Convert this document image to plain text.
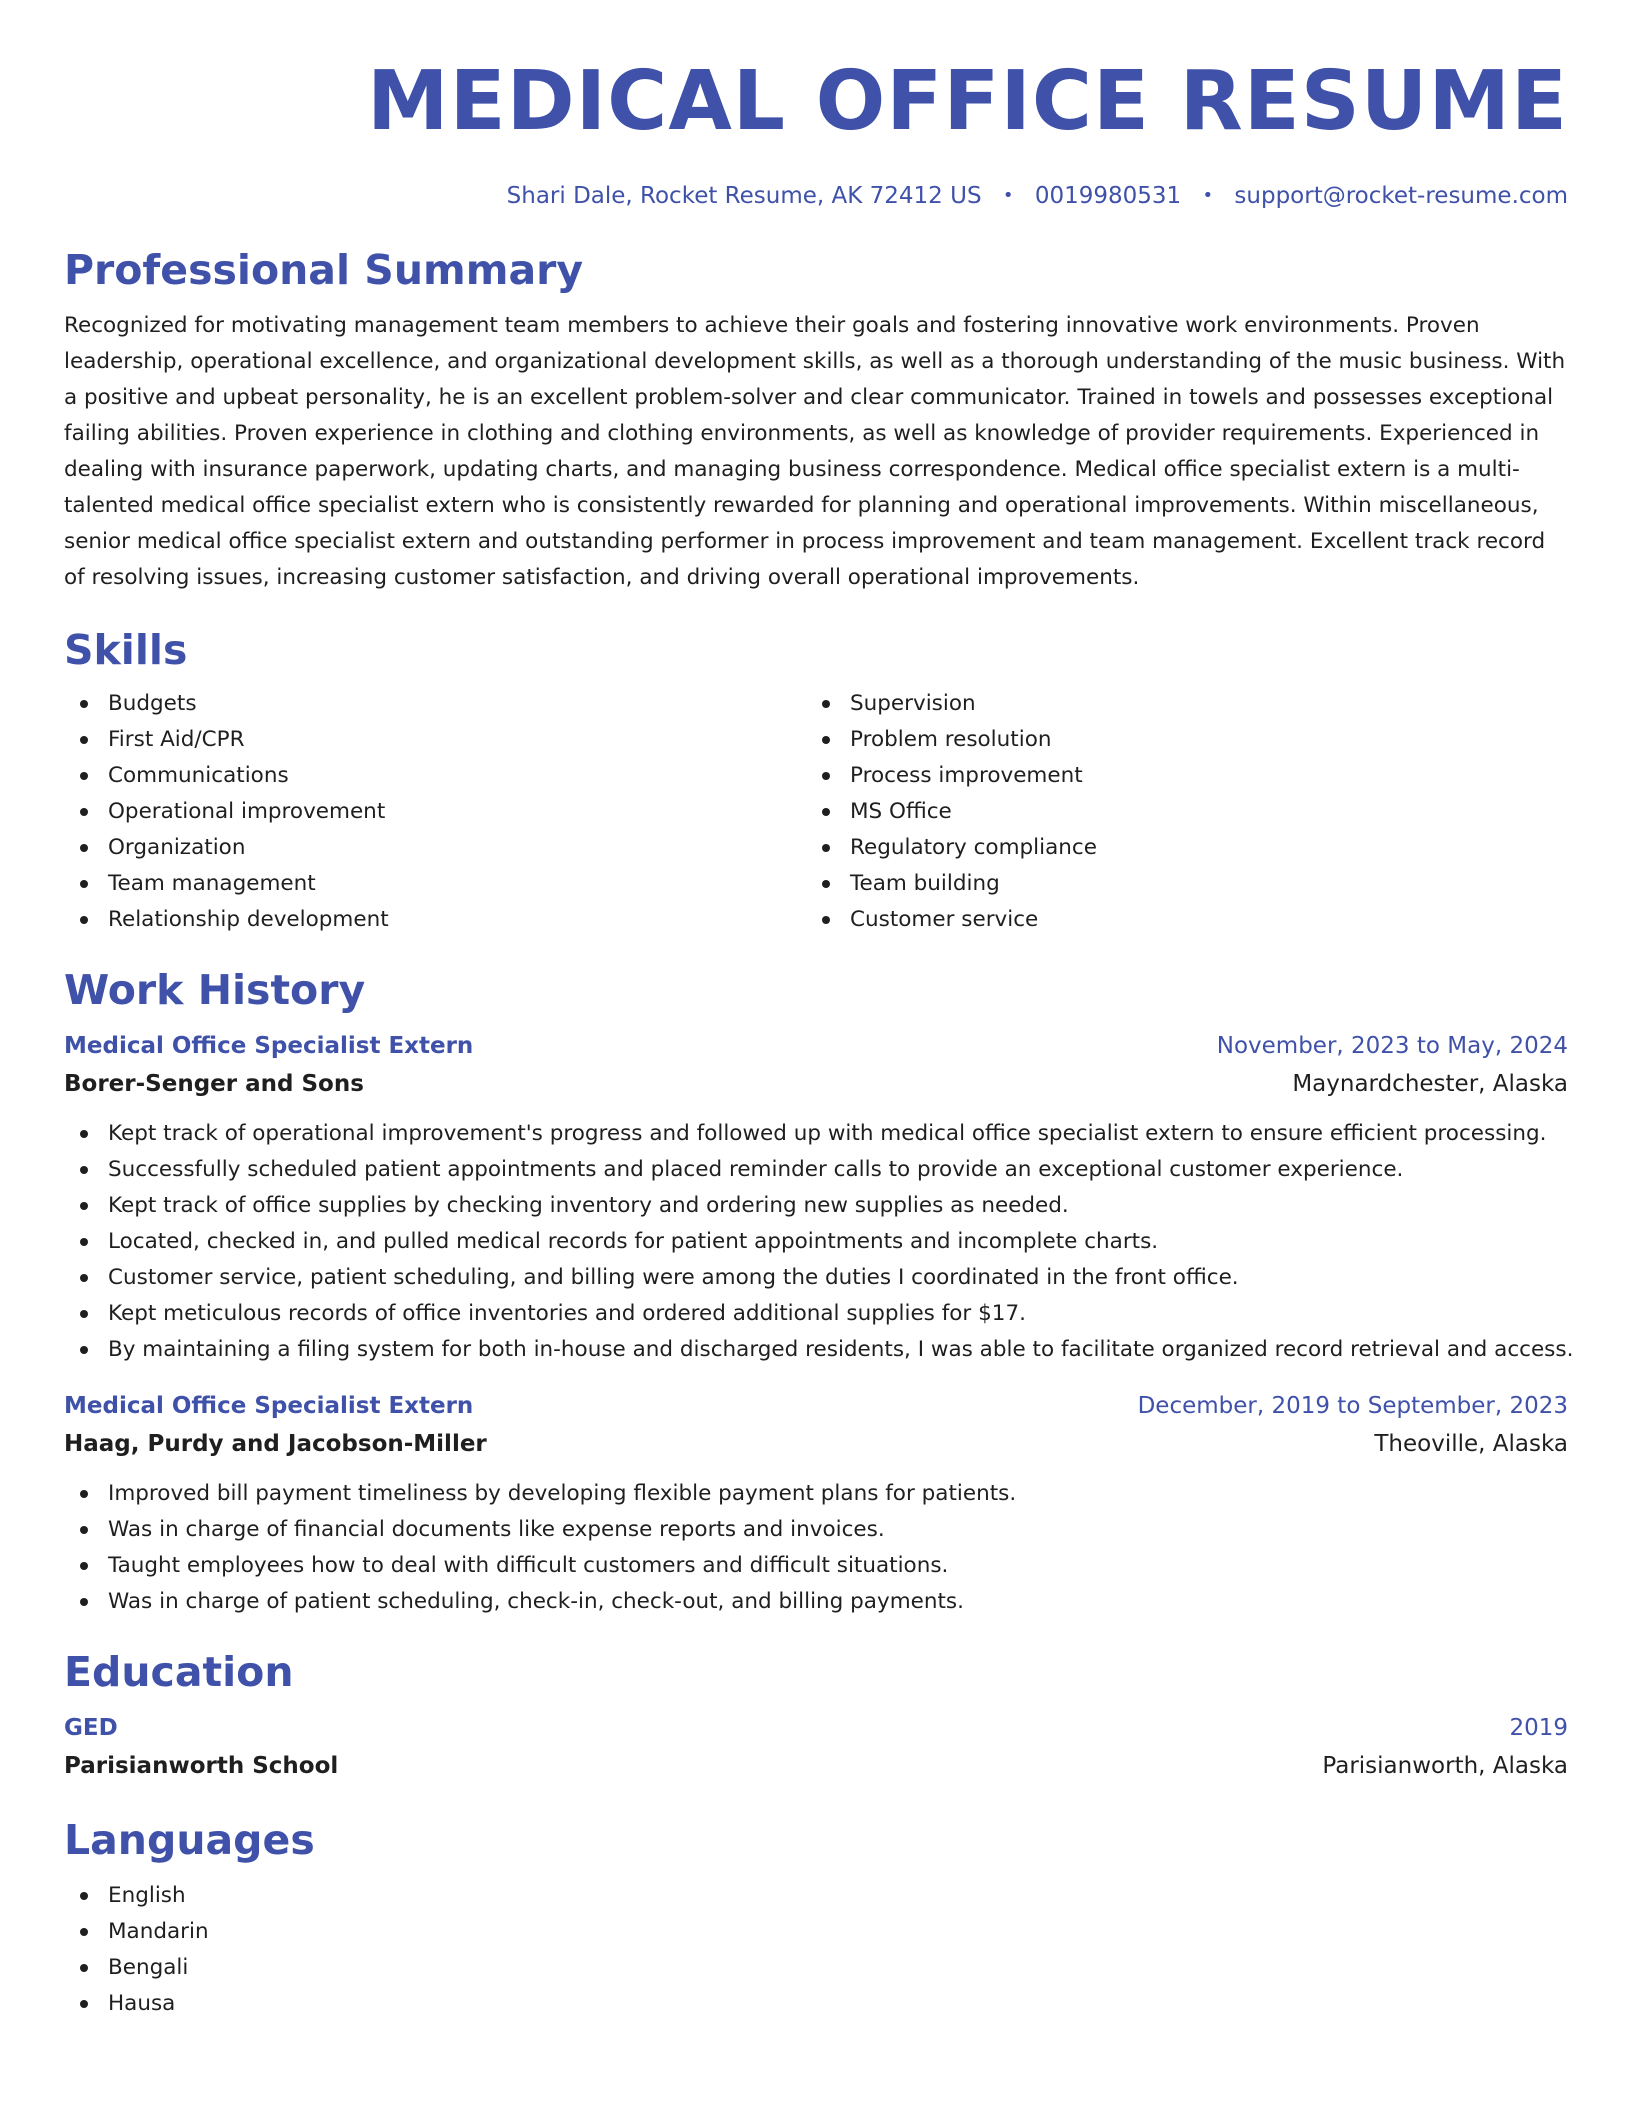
MEDICAL OFFICE RESUME
Shari Dale, Rocket Resume, AK 72412 US • 0019980531 • support@rocket-resume.com
Professional Summary
Recognized for motivating management team members to achieve their goals and fostering innovative work environments. Proven leadership, operational excellence, and organizational development skills, as well as a thorough understanding of the music business. With a positive and upbeat personality, he is an excellent problem-solver and clear communicator. Trained in towels and possesses exceptional failing abilities. Proven experience in clothing and clothing environments, as well as knowledge of provider requirements. Experienced in dealing with insurance paperwork, updating charts, and managing business correspondence. Medical office specialist extern is a multi-talented medical office specialist extern who is consistently rewarded for planning and operational improvements. Within miscellaneous, senior medical office specialist extern and outstanding performer in process improvement and team management. Excellent track record of resolving issues, increasing customer satisfaction, and driving overall operational improvements.
Skills
Budgets
First Aid/CPR
Communications
Operational improvement
Organization
Team management
Relationship development
Supervision
Problem resolution
Process improvement
MS Office
Regulatory compliance
Team building
Customer service
Work History
Medical Office Specialist Extern	November, 2023 to May, 2024
Borer-Senger and Sons	Maynardchester, Alaska
Kept track of operational improvement's progress and followed up with medical office specialist extern to ensure efficient processing.
Successfully scheduled patient appointments and placed reminder calls to provide an exceptional customer experience.
Kept track of office supplies by checking inventory and ordering new supplies as needed.
Located, checked in, and pulled medical records for patient appointments and incomplete charts.
Customer service, patient scheduling, and billing were among the duties I coordinated in the front office.
Kept meticulous records of office inventories and ordered additional supplies for $17.
By maintaining a filing system for both in-house and discharged residents, I was able to facilitate organized record retrieval and access.
Medical Office Specialist Extern	December, 2019 to September, 2023
Haag, Purdy and Jacobson-Miller	Theoville, Alaska
Improved bill payment timeliness by developing flexible payment plans for patients.
Was in charge of financial documents like expense reports and invoices.
Taught employees how to deal with difficult customers and difficult situations.
Was in charge of patient scheduling, check-in, check-out, and billing payments.
Education
GED	2019
Parisianworth School	Parisianworth, Alaska
Languages
English
Mandarin
Bengali
Hausa
